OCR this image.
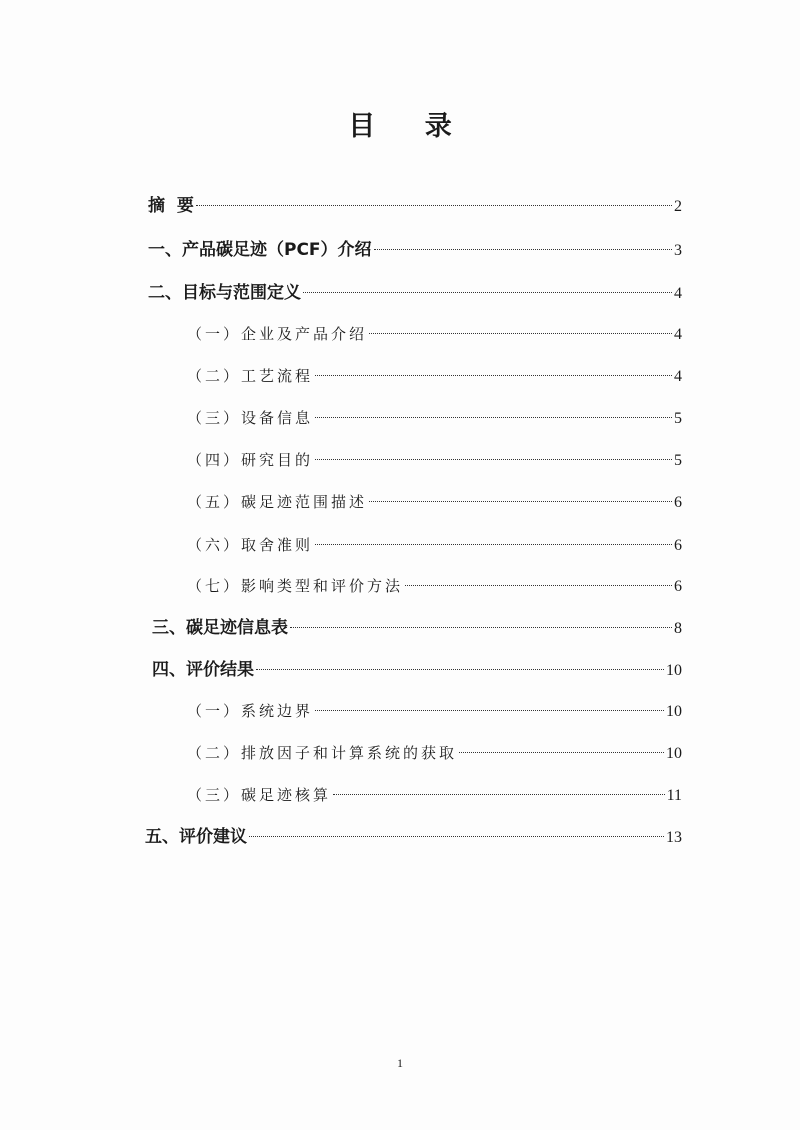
目 录
摘  要	2
一、产品碳足迹（PCF）介绍	3
二、目标与范围定义	4
（一）企业及产品介绍	4
（二）工艺流程	4
（三）设备信息	5
（四）研究目的	5
（五）碳足迹范围描述	6
（六）取舍准则	6
（七）影响类型和评价方法	6
三、碳足迹信息表	8
四、评价结果	10
（一）系统边界	10
（二）排放因子和计算系统的获取	10
（三）碳足迹核算	11
五、评价建议	13
1
